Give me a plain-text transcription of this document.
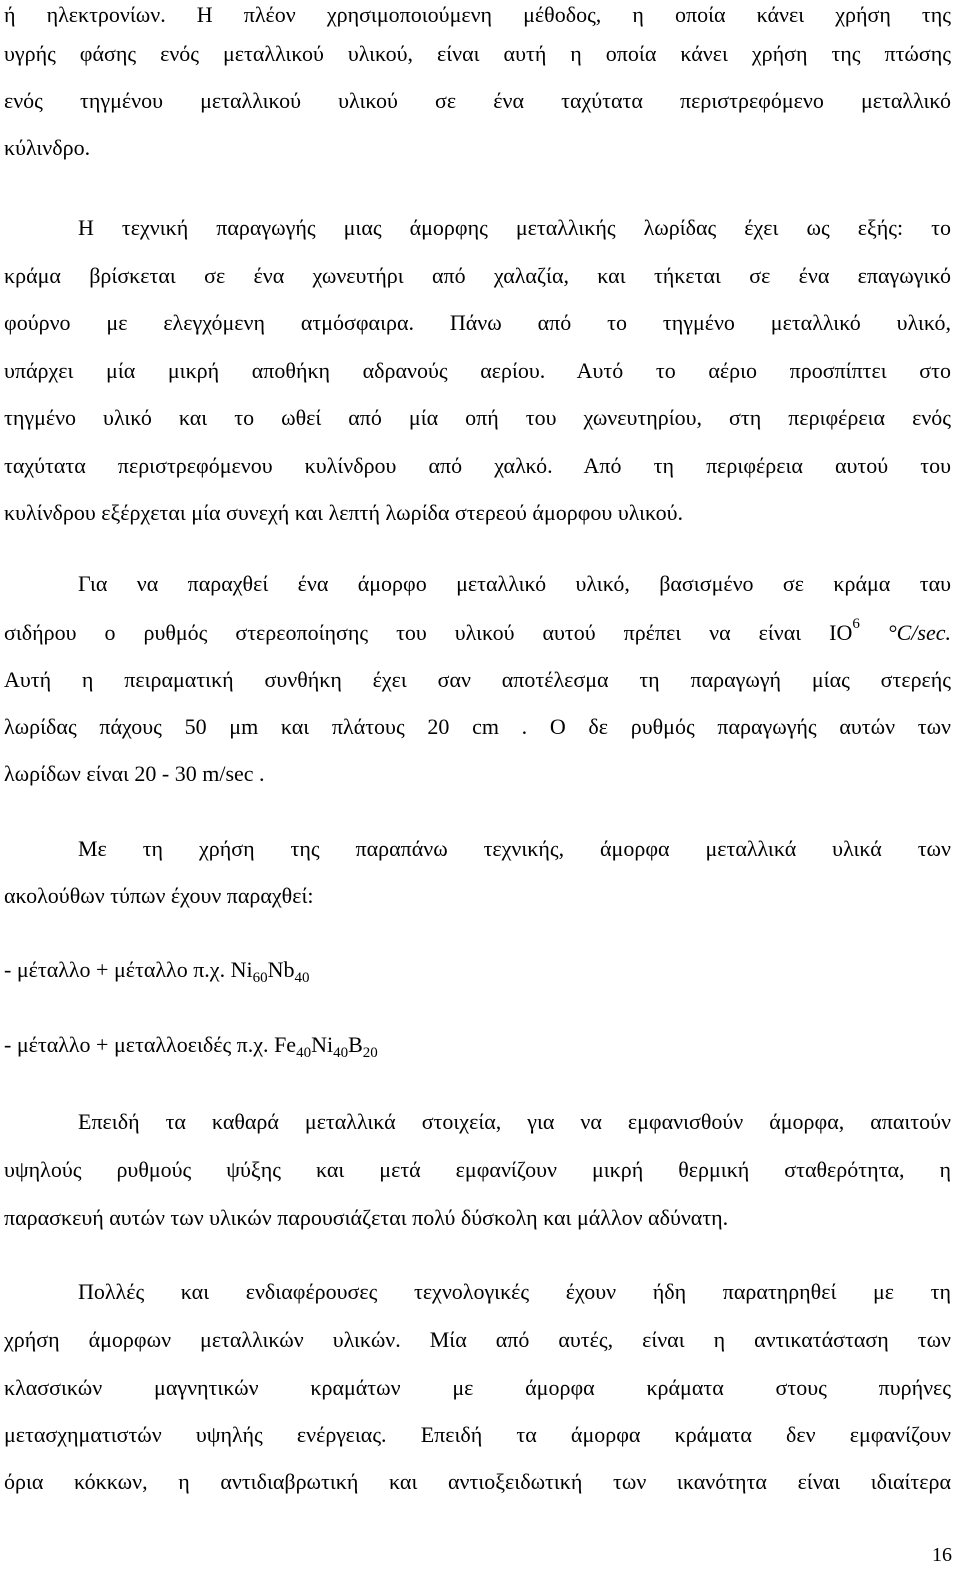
ή ηλεκτρονίων. Η πλέον χρησιμοποιούμενη μέθοδος, η οποία κάνει χρήση της
υγρής φάσης ενός μεταλλικού υλικού, είναι αυτή η οποία κάνει χρήση της πτώσης
ενός τηγμένου μεταλλικού υλικού σε ένα ταχύτατα περιστρεφόμενο μεταλλικό
κύλινδρο.
Η τεχνική παραγωγής μιας άμορφης μεταλλικής λωρίδας έχει ως εξής: το
κράμα βρίσκεται σε ένα χωνευτήρι από χαλαζία, και τήκεται σε ένα επαγωγικό
φούρνο με ελεγχόμενη ατμόσφαιρα. Πάνω από το τηγμένο μεταλλικό υλικό,
υπάρχει μία μικρή αποθήκη αδρανούς αερίου. Αυτό το αέριο προσπίπτει στο
τηγμένο υλικό και το ωθεί από μία οπή του χωνευτηρίου, στη περιφέρεια ενός
ταχύτατα περιστρεφόμενου κυλίνδρου από χαλκό. Από τη περιφέρεια αυτού του
κυλίνδρου εξέρχεται μία συνεχή και λεπτή λωρίδα στερεού άμορφου υλικού.
Για να παραχθεί ένα άμορφο μεταλλικό υλικό, βασισμένο σε κράμα ταυ
σιδήρου ο ρυθμός στερεοποίησης του υλικού αυτού πρέπει να είναι $IO^6$ °C/sec.
Αυτή η πειραματική συνθήκη έχει σαν αποτέλεσμα τη παραγωγή μίας στερεής
λωρίδας πάχους 50 μm και πλάτους 20 cm . Ο δε ρυθμός παραγωγής αυτών των
λωρίδων είναι 20 - 30 m/sec .
Με τη χρήση της παραπάνω τεχνικής, άμορφα μεταλλικά υλικά των
ακολούθων τύπων έχουν παραχθεί:
- μέταλλο + μέταλλο π.χ. $Ni_{60}Nb_{40}$
- μέταλλο + μεταλλοειδές π.χ. $Fe_{40}Ni_{40}B_{20}$
Επειδή τα καθαρά μεταλλικά στοιχεία, για να εμφανισθούν άμορφα, απαιτούν
υψηλούς ρυθμούς ψύξης και μετά εμφανίζουν μικρή θερμική σταθερότητα, η
παρασκευή αυτών των υλικών παρουσιάζεται πολύ δύσκολη και μάλλον αδύνατη.
Πολλές και ενδιαφέρουσες τεχνολογικές έχουν ήδη παρατηρηθεί με τη
χρήση άμορφων μεταλλικών υλικών. Μία από αυτές, είναι η αντικατάσταση των
κλασσικών μαγνητικών κραμάτων με άμορφα κράματα στους πυρήνες
μετασχηματιστών υψηλής ενέργειας. Επειδή τα άμορφα κράματα δεν εμφανίζουν
όρια κόκκων, η αντιδιαβρωτική και αντιοξειδωτική των ικανότητα είναι ιδιαίτερα
16
